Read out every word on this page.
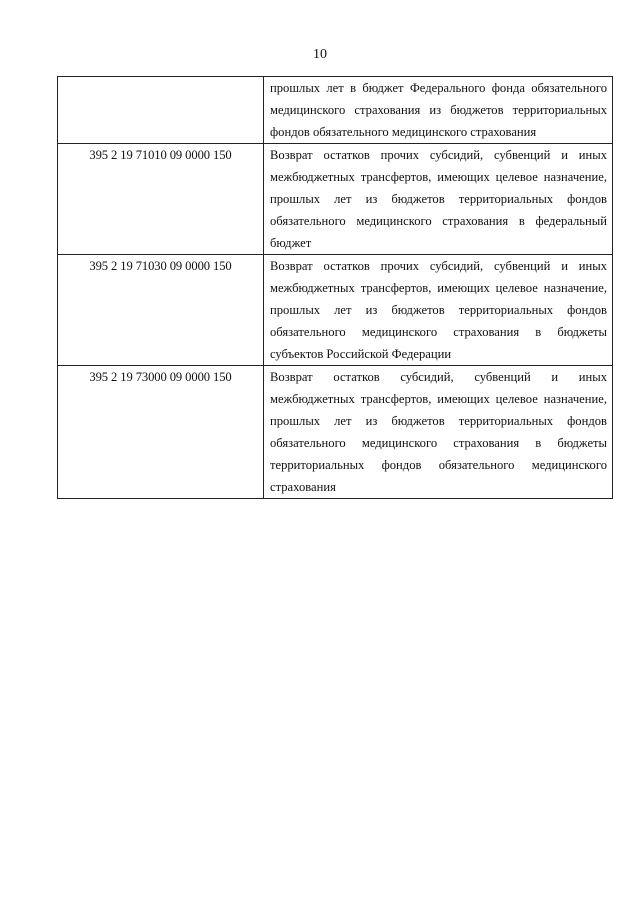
10
	прошлых лет в бюджет Федерального фонда обязательного медицинского страхования из бюджетов территориальных фондов обязательного медицинского страхования
395 2 19 71010 09 0000 150	Возврат остатков прочих субсидий, субвенций и иных межбюджетных трансфертов, имеющих целевое назначение, прошлых лет из бюджетов территориальных фондов обязательного медицинского страхования в федеральный бюджет
395 2 19 71030 09 0000 150	Возврат остатков прочих субсидий, субвенций и иных межбюджетных трансфертов, имеющих целевое назначение, прошлых лет из бюджетов территориальных фондов обязательного медицинского страхования в бюджеты субъектов Российской Федерации
395 2 19 73000 09 0000 150	Возврат остатков субсидий, субвенций и иных межбюджетных трансфертов, имеющих целевое назначение, прошлых лет из бюджетов территориальных фондов обязательного медицинского страхования в бюджеты территориальных фондов обязательного медицинского страхования
